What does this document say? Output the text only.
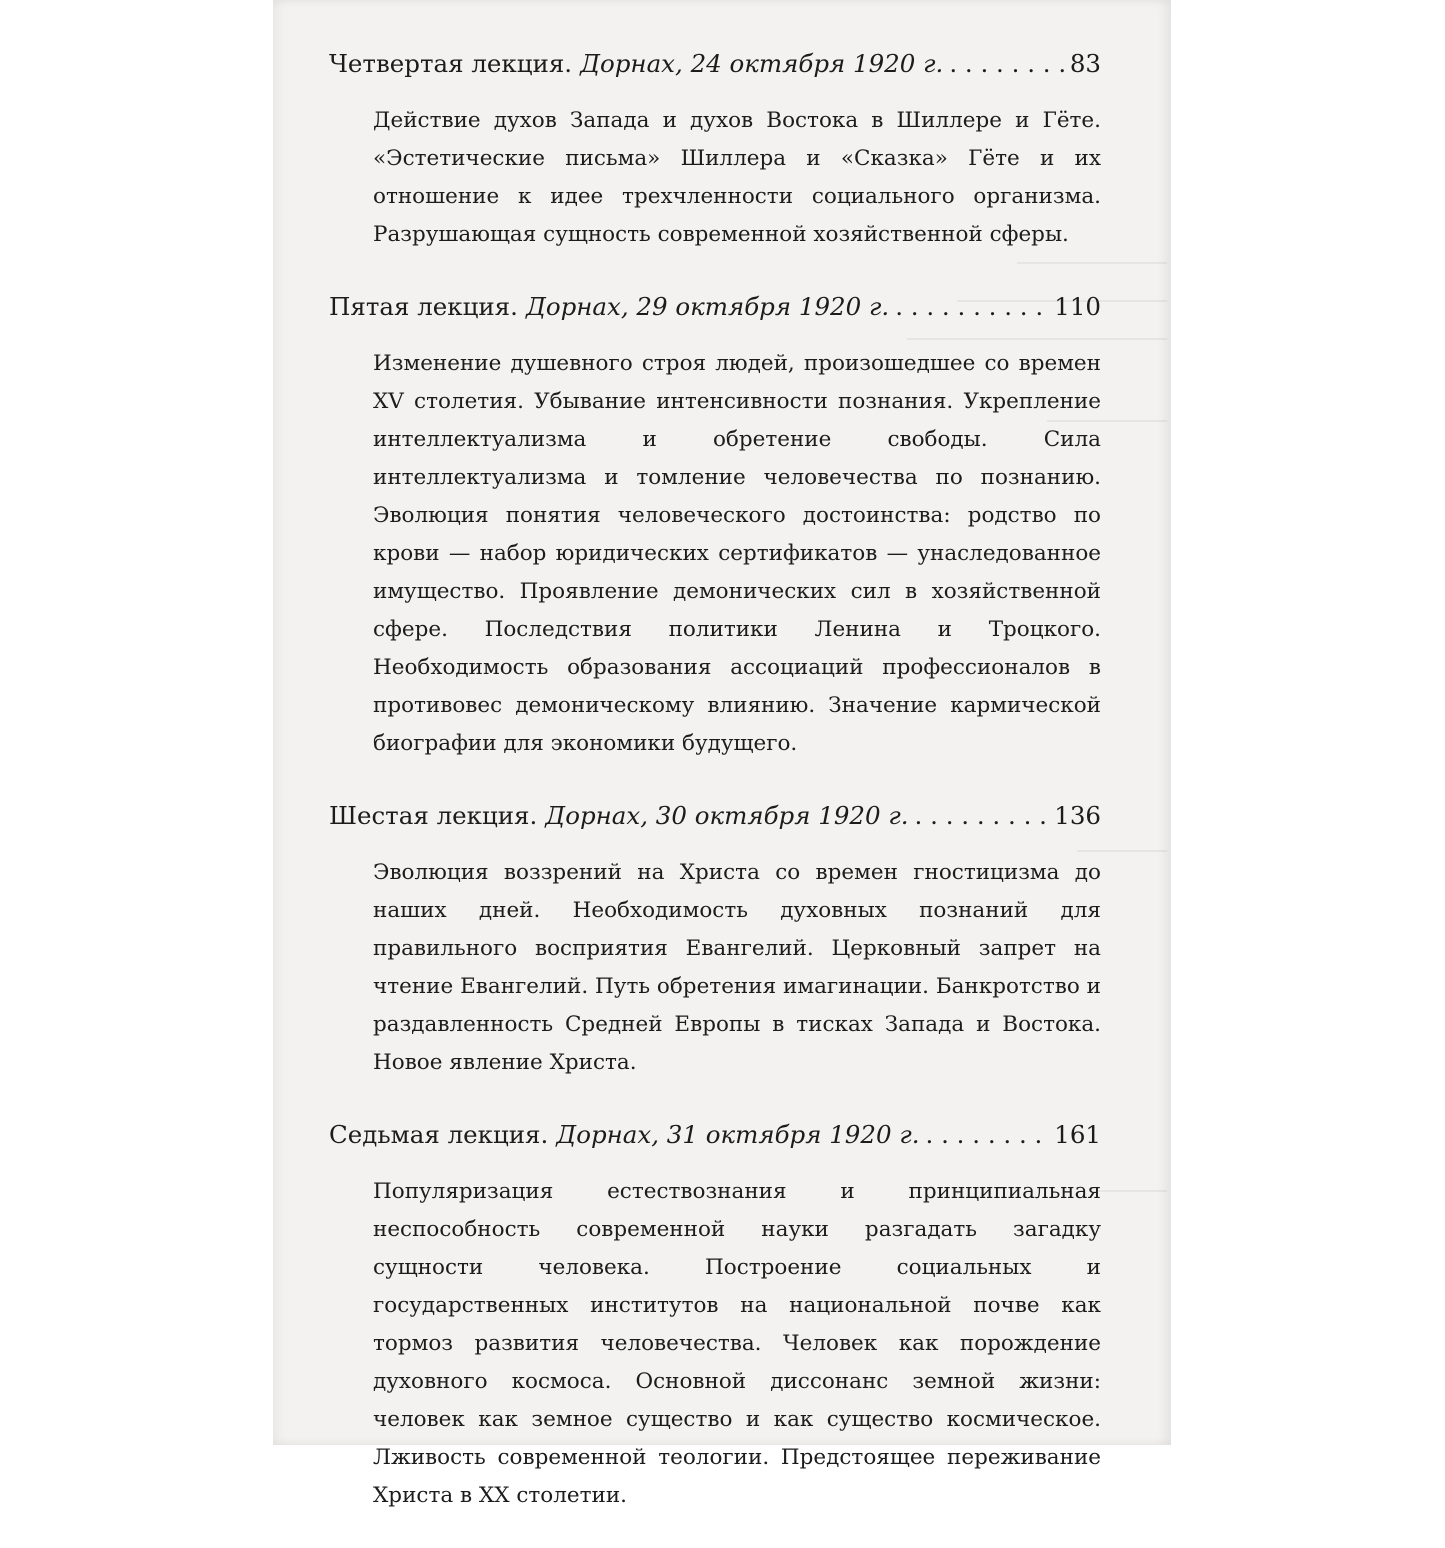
Четвертая лекция. Дорнах, 24 октября 1920 г. . . .	83
Действие духов Запада и духов Востока в Шиллере и Гёте. «Эстетические письма» Шиллера и «Сказка» Гёте и их отношение к идее трехчленности социального организма. Разрушающая сущность современной хозяйственной сферы.
Пятая лекция. Дорнах, 29 октября 1920 г. . . .	110
Изменение душевного строя людей, произошедшее со времен XV столетия. Убывание интенсивности познания. Укрепление интеллектуализма и обретение свободы. Сила интеллектуализма и томление человечества по познанию. Эволюция понятия человеческого достоинства: родство по крови — набор юридических сертификатов — унаследованное имущество. Проявление демонических сил в хозяйственной сфере. Последствия политики Ленина и Троцкого. Необходимость образования ассоциаций профессионалов в противовес демоническому влиянию. Значение кармической биографии для экономики будущего.
Шестая лекция. Дорнах, 30 октября 1920 г. . . .	136
Эволюция воззрений на Христа со времен гностицизма до наших дней. Необходимость духовных познаний для правильного восприятия Евангелий. Церковный запрет на чтение Евангелий. Путь обретения имагинации. Банкротство и раздавленность Средней Европы в тисках Запада и Востока. Новое явление Христа.
Седьмая лекция. Дорнах, 31 октября 1920 г. . . .	161
Популяризация естествознания и принципиальная неспособность современной науки разгадать загадку сущности человека. Построение социальных и государственных институтов на национальной почве как тормоз развития человечества. Человек как порождение духовного космоса. Основной диссонанс земной жизни: человек как земное существо и как существо космическое. Лживость современной теологии. Предстоящее переживание Христа в XX столетии.
